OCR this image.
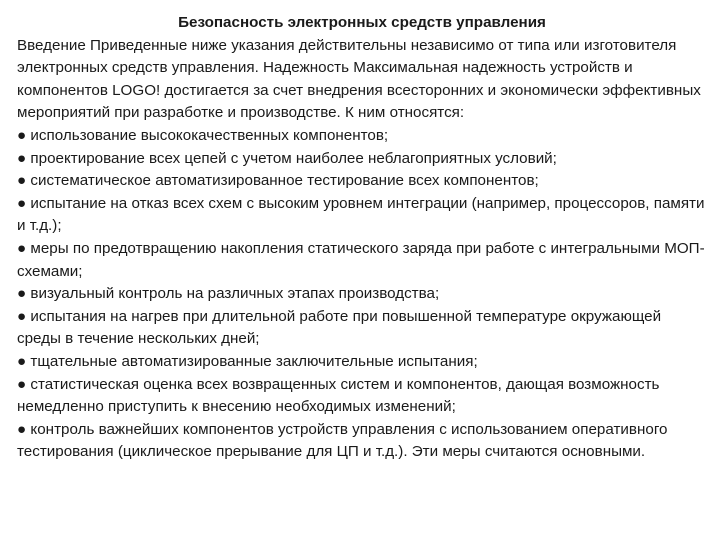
Безопасность электронных средств управления

Введение Приведенные ниже указания действительны независимо от типа или изготовителя электронных средств управления. Надежность Максимальная надежность устройств и компонентов LOGO! достигается за счет внедрения всесторонних и экономически эффективных мероприятий при разработке и производстве. К ним относятся:

● использование высококачественных компонентов;

● проектирование всех цепей с учетом наиболее неблагоприятных условий;

● систематическое автоматизированное тестирование всех компонентов;

● испытание на отказ всех схем с высоким уровнем интеграции (например, процессоров, памяти и т.д.);

● меры по предотвращению накопления статического заряда при работе с интегральными МОП-схемами;

● визуальный контроль на различных этапах производства;

● испытания на нагрев при длительной работе при повышенной температуре окружающей среды в течение нескольких дней;

● тщательные автоматизированные заключительные испытания;

● статистическая оценка всех возвращенных систем и компонентов, дающая возможность немедленно приступить к внесению необходимых изменений;

● контроль важнейших компонентов устройств управления с использованием оперативного тестирования (циклическое прерывание для ЦП и т.д.). Эти меры считаются основными.
